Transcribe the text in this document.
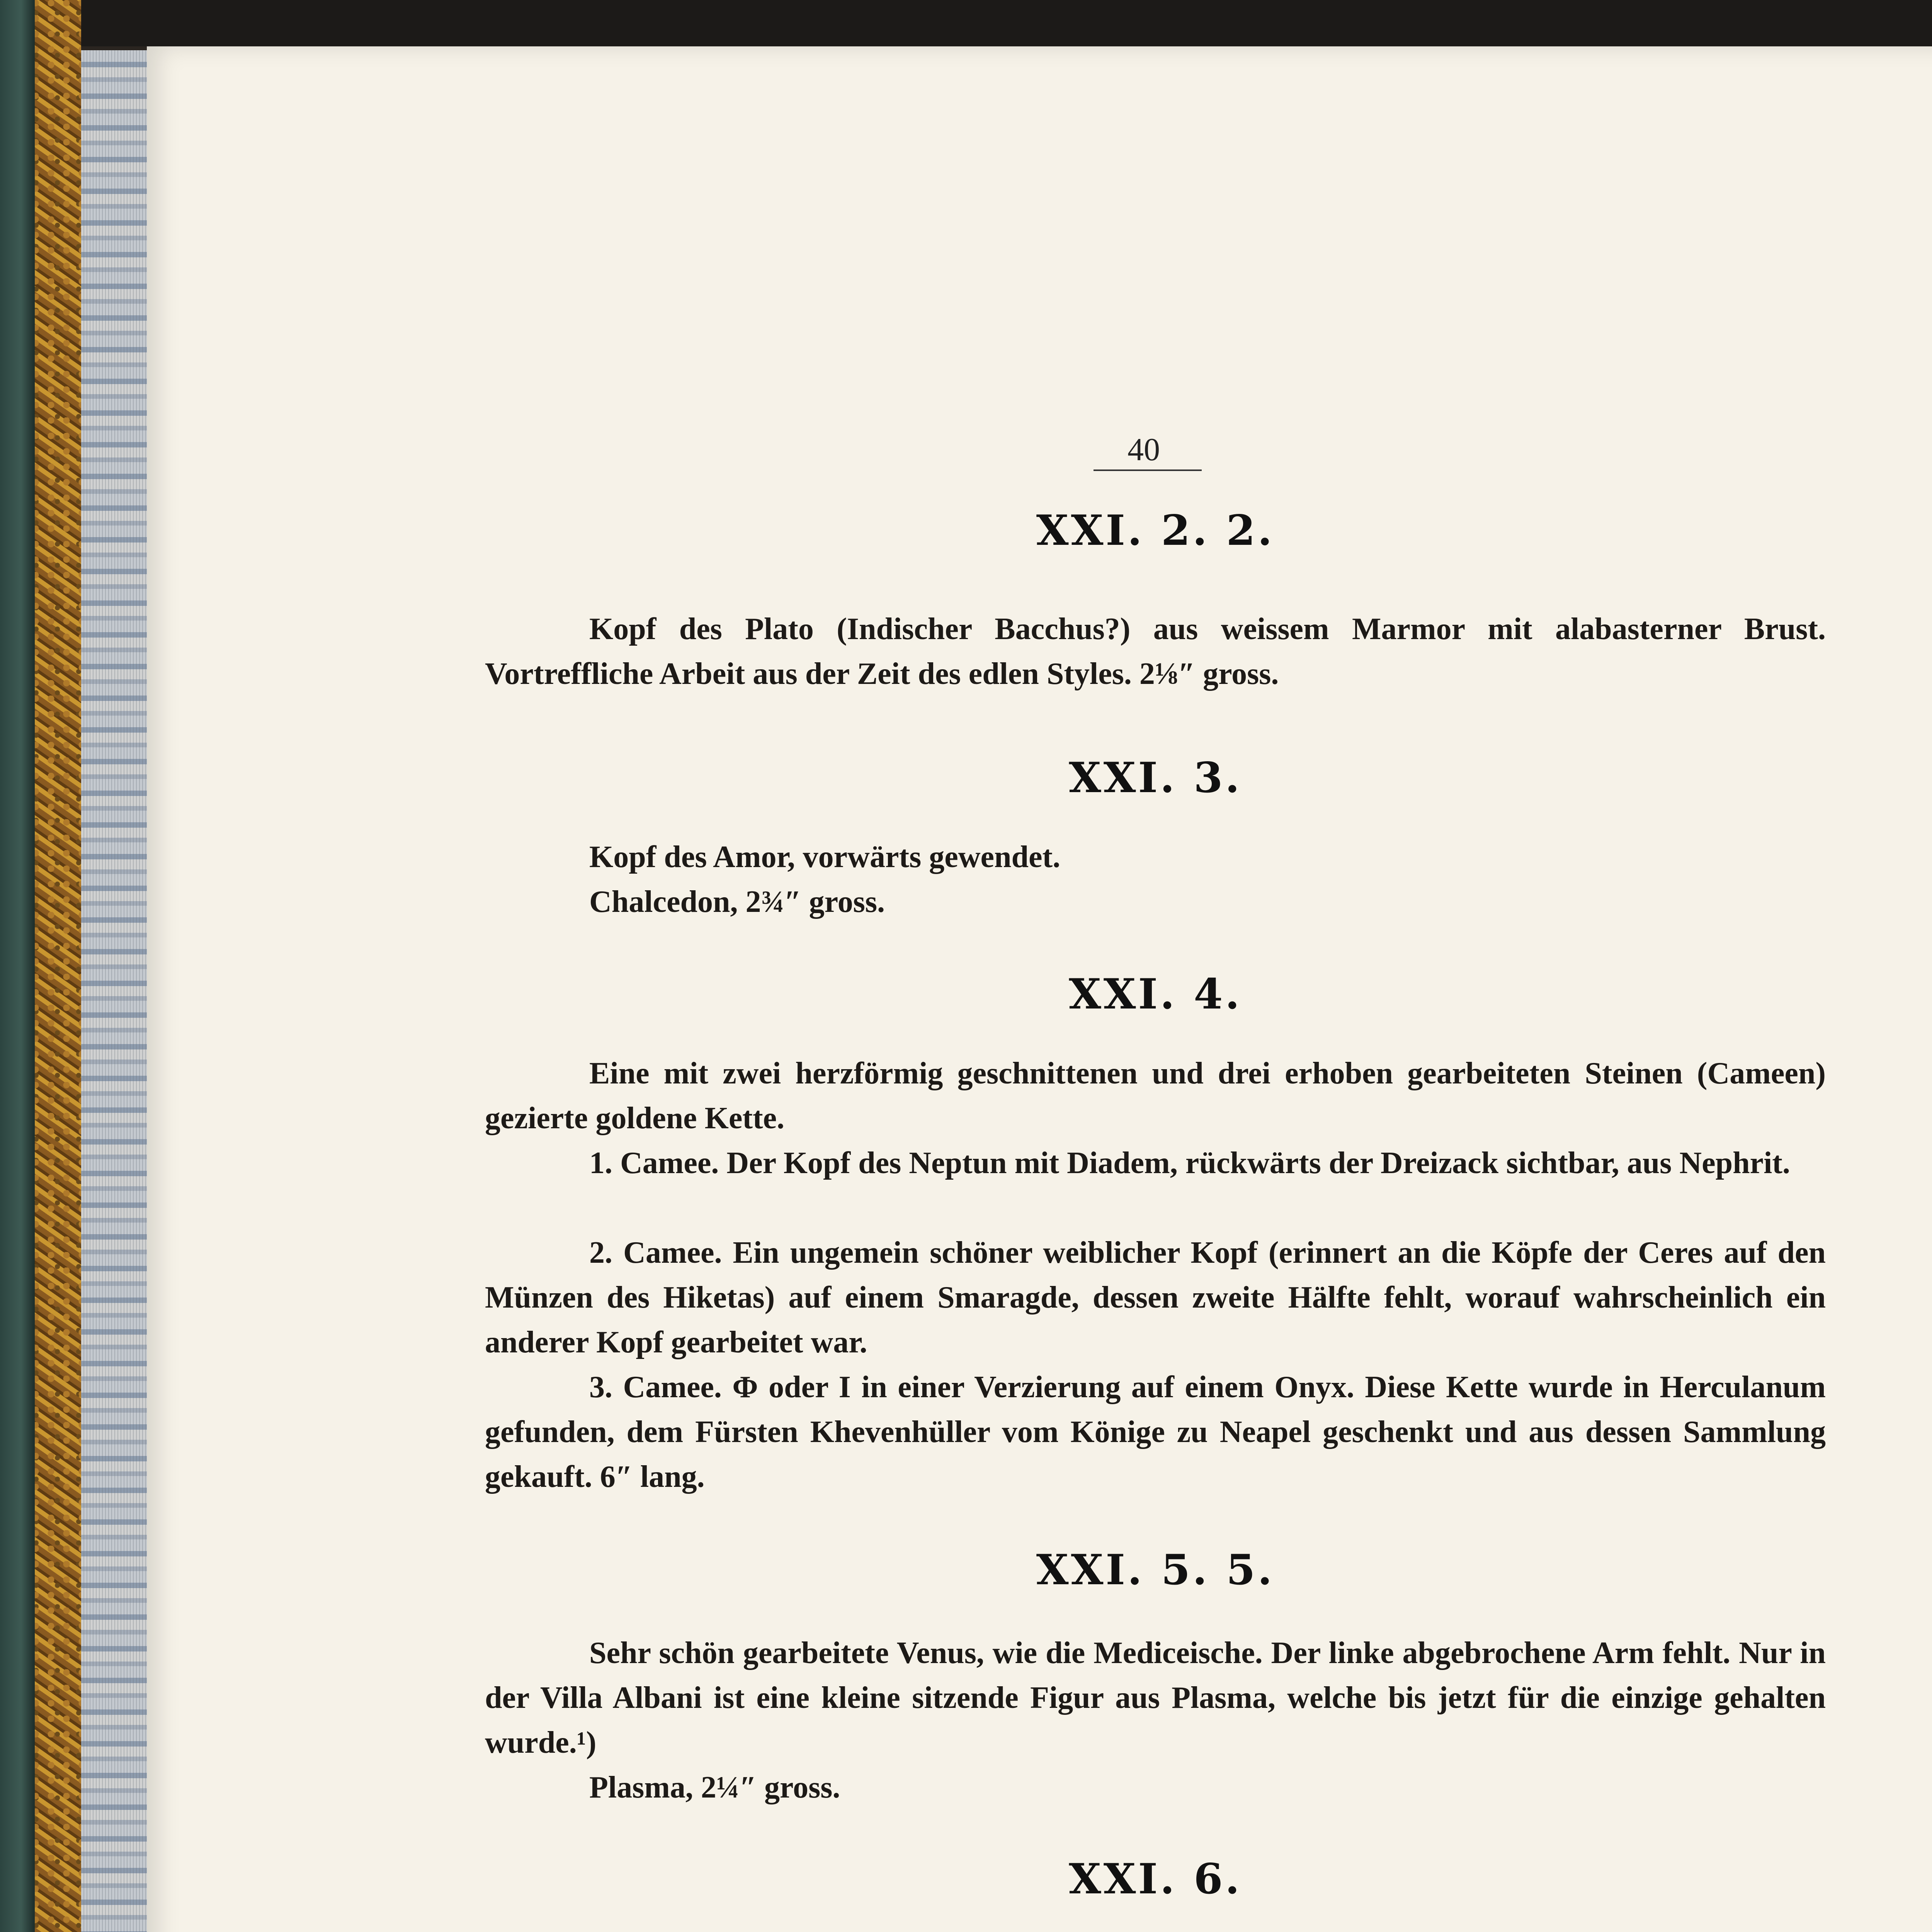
40
XXI. 2. 2.
Kopf des Plato (Indischer Bacchus?) aus weissem Marmor mit alabasterner Brust. Vortreffliche Arbeit aus der Zeit des edlen Styles. 2⅛″ gross.
XXI. 3.
Kopf des Amor, vorwärts gewendet.
Chalcedon, 2¾″ gross.
XXI. 4.
Eine mit zwei herzförmig geschnittenen und drei erhoben gearbeiteten Steinen (Cameen) gezierte goldene Kette.
1. Camee. Der Kopf des Neptun mit Diadem, rückwärts der Dreizack sichtbar, aus Nephrit.
2. Camee. Ein ungemein schöner weiblicher Kopf (erinnert an die Köpfe der Ceres auf den Münzen des Hiketas) auf einem Smaragde, dessen zweite Hälfte fehlt, worauf wahrscheinlich ein anderer Kopf gearbeitet war.
3. Camee. Φ oder Ι in einer Verzierung auf einem Onyx. Diese Kette wurde in Herculanum gefunden, dem Fürsten Khevenhüller vom Könige zu Neapel geschenkt und aus dessen Sammlung gekauft. 6″ lang.
XXI. 5. 5.
Sehr schön gearbeitete Venus, wie die Mediceische. Der linke abgebrochene Arm fehlt. Nur in der Villa Albani ist eine kleine sitzende Figur aus Plasma, welche bis jetzt für die einzige gehalten wurde.¹)
Plasma, 2¼″ gross.
XXI. 6.
